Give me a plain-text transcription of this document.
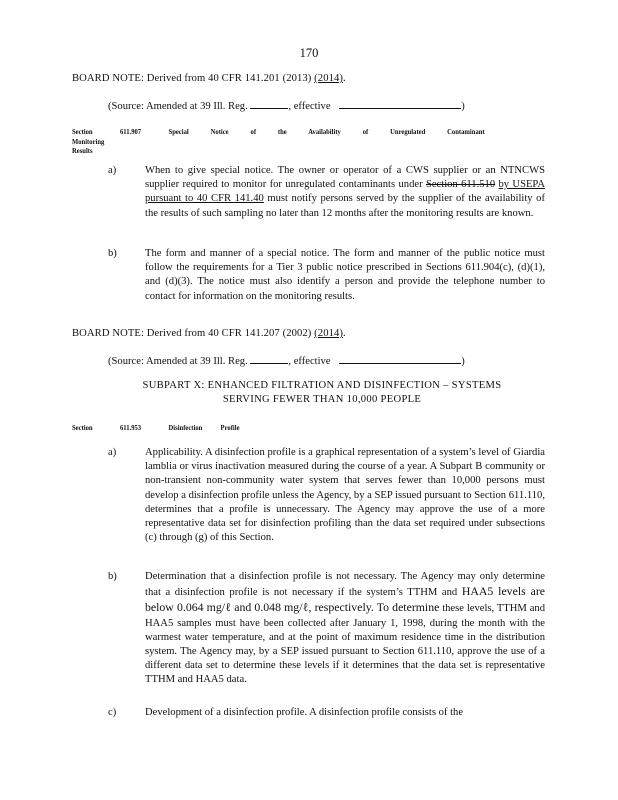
170
BOARD NOTE: Derived from 40 CFR 141.201 (2013) (2014).
(Source: Amended at 39 Ill. Reg.	, effective	)
Section	611.907	Special Notice of the Availability of Unregulated Contaminant Monitoring
Results
a)	When to give special notice. The owner or operator of a CWS supplier or an NTNCWS supplier required to monitor for unregulated contaminants under Section 611.510 by USEPA pursuant to 40 CFR 141.40 must notify persons served by the supplier of the availability of the results of such sampling no later than 12 months after the monitoring results are known.
b)	The form and manner of a special notice. The form and manner of the public notice must follow the requirements for a Tier 3 public notice prescribed in Sections 611.904(c), (d)(1), and (d)(3). The notice must also identify a person and provide the telephone number to contact for information on the monitoring results.
BOARD NOTE: Derived from 40 CFR 141.207 (2002) (2014).
(Source: Amended at 39 Ill. Reg.	, effective	)
SUBPART X: ENHANCED FILTRATION AND DISINFECTION – SYSTEMS
SERVING FEWER THAN 10,000 PEOPLE
Section	611.953	Disinfection Profile
a)	Applicability. A disinfection profile is a graphical representation of a system’s level of Giardia lamblia or virus inactivation measured during the course of a year. A Subpart B community or non-transient non-community water system that serves fewer than 10,000 persons must develop a disinfection profile unless the Agency, by a SEP issued pursuant to Section 611.110, determines that a profile is unnecessary. The Agency may approve the use of a more representative data set for disinfection profiling than the data set required under subsections (c) through (g) of this Section.
b)	Determination that a disinfection profile is not necessary. The Agency may only determine that a disinfection profile is not necessary if the system’s TTHM and HAA5 levels are below 0.064 mg/ℓ and 0.048 mg/ℓ, respectively. To determine these levels, TTHM and HAA5 samples must have been collected after January 1, 1998, during the month with the warmest water temperature, and at the point of maximum residence time in the distribution system. The Agency may, by a SEP issued pursuant to Section 611.110, approve the use of a different data set to determine these levels if it determines that the data set is representative TTHM and HAA5 data.
c)	Development of a disinfection profile. A disinfection profile consists of the
